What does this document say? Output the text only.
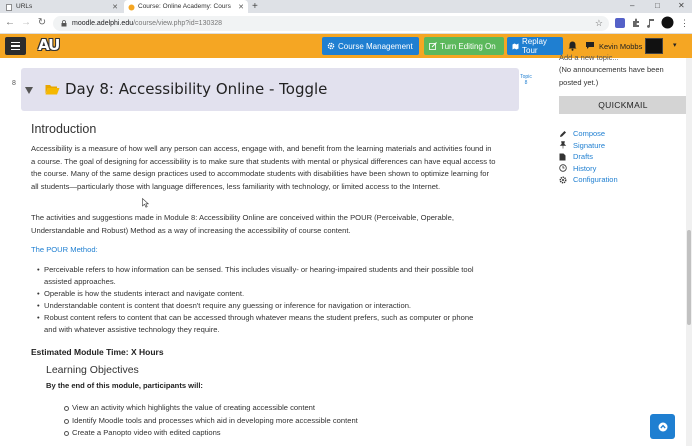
URLs	✕	Course: Online Academy: Cours ✕ +	–	□ ✕
← → ↻	moodle.adelphi.edu /course/view.php?id=130328	☆	⋮
AU	Course Management	Turn Editing On	Replay Tour	Kevin Mobbs	▾
8	Day 8: Accessibility Online - Toggle
Topic
8
Introduction

Accessibility is a measure of how well any person can access, engage with, and benefit from the learning materials and activities found in a course. The goal of designing for accessibility is to make sure that students with mental or physical differences can have equal access to the course. Many of the same design practices used to accommodate students with disabilities have been shown to optimize learning for all students—particularly those with language differences, less familiarity with technology, or limited access to the Internet.

The activities and suggestions made in Module 8: Accessibility Online are conceived within the POUR (Perceivable, Operable, Understandable and Robust) Method as a way of increasing the accessibility of course content.

The POUR Method:
• Perceivable refers to how information can be sensed. This includes visually- or hearing-impaired students and their possible tool assisted approaches.
• Operable is how the students interact and navigate content.
• Understandable content is content that doesn't require any guessing or inference for navigation or interaction.
• Robust content refers to content that can be accessed through whatever means the student prefers, such as computer or phone and with whatever assistive technology they require.
Estimated Module Time: X Hours
Learning Objectives
By the end of this module, participants will:
View an activity which highlights the value of creating accessible content
Identify Moodle tools and processes which aid in developing more accessible content
Create a Panopto video with edited captions
Add a new topic...
(No announcements have been posted yet.)
QUICKMAIL
Compose
Signature
Drafts
History
Configuration
